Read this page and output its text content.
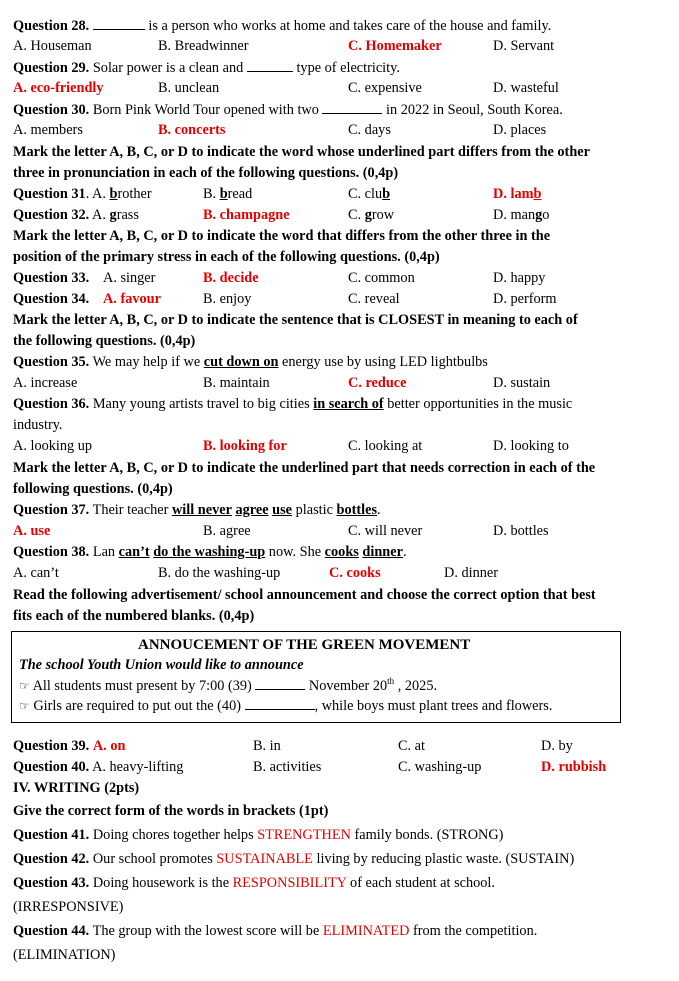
Question 28.	is a person who works at home and takes care of the house and family.
A. Houseman	B. Breadwinner	C. Homemaker	D. Servant
Question 29. Solar power is a clean and	type of electricity.
A. eco-friendly	B. unclean	C. expensive	D. wasteful
Question 30. Born Pink World Tour opened with two	in 2022 in Seoul, South Korea.
A. members	B. concerts	C. days	D. places
Mark the letter A, B, C, or D to indicate the word whose underlined part differs from the other
three in pronunciation in each of the following questions. (0,4p)
Question 31. A. brother	B. bread	C. club	D. lamb
Question 32. A. grass	B. champagne	C. grow	D. mango
Mark the letter A, B, C, or D to indicate the word that differs from the other three in the
position of the primary stress in each of the following questions. (0,4p)
Question 33. A. singer	B. decide	C. common	D. happy
Question 34. A. favour	B. enjoy	C. reveal	D. perform
Mark the letter A, B, C, or D to indicate the sentence that is CLOSEST in meaning to each of
the following questions. (0,4p)
Question 35. We may help if we cut down on energy use by using LED lightbulbs
A. increase	B. maintain	C. reduce	D. sustain
Question 36. Many young artists travel to big cities in search of better opportunities in the music
industry.
A. looking up	B. looking for	C. looking at	D. looking to
Mark the letter A, B, C, or D to indicate the underlined part that needs correction in each of the
following questions. (0,4p)
Question 37. Their teacher will never agree use plastic bottles.
A. use	B. agree	C. will never	D. bottles
Question 38. Lan can’t do the washing-up now. She cooks dinner.
A. can’t	B. do the washing-up	C. cooks	D. dinner
Read the following advertisement/ school announcement and choose the correct option that best
fits each of the numbered blanks. (0,4p)
ANNOUCEMENT OF THE GREEN MOVEMENT
The school Youth Union would like to announce
☞ All students must present by 7:00 (39)	November 20th , 2025.
☞ Girls are required to put out the (40)	, while boys must plant trees and flowers.
Question 39. A. on	B. in	C. at	D. by
Question 40. A. heavy-lifting	B. activities	C. washing-up	D. rubbish
IV. WRITING (2pts)
Give the correct form of the words in brackets (1pt)
Question 41. Doing chores together helps STRENGTHEN family bonds. (STRONG)
Question 42. Our school promotes SUSTAINABLE living by reducing plastic waste. (SUSTAIN)
Question 43. Doing housework is the RESPONSIBILITY of each student at school.
(IRRESPONSIVE)
Question 44. The group with the lowest score will be ELIMINATED from the competition.
(ELIMINATION)
